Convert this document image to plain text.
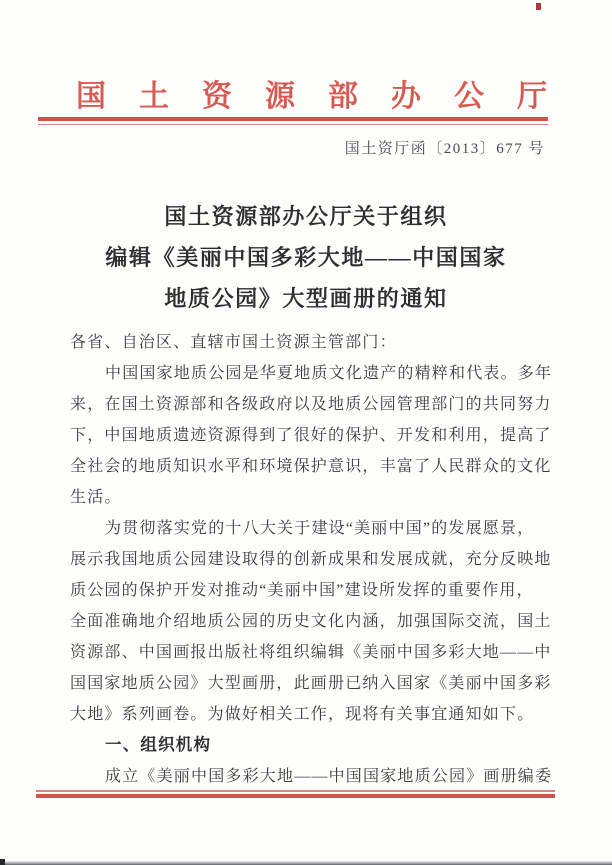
国土资源部办公厅
国土资厅函〔2013〕677 号
国土资源部办公厅关于组织
编辑《美丽中国多彩大地——中国国家
地质公园》大型画册的通知
各省、自治区、直辖市国土资源主管部门：
中国国家地质公园是华夏地质文化遗产的精粹和代表。多年
来，在国土资源部和各级政府以及地质公园管理部门的共同努力
下，中国地质遗迹资源得到了很好的保护、开发和利用，提高了
全社会的地质知识水平和环境保护意识，丰富了人民群众的文化
生活。
为贯彻落实党的十八大关于建设“美丽中国”的发展愿景，
展示我国地质公园建设取得的创新成果和发展成就，充分反映地
质公园的保护开发对推动“美丽中国”建设所发挥的重要作用，
全面准确地介绍地质公园的历史文化内涵，加强国际交流，国土
资源部、中国画报出版社将组织编辑《美丽中国多彩大地——中
国国家地质公园》大型画册，此画册已纳入国家《美丽中国多彩
大地》系列画卷。为做好相关工作，现将有关事宜通知如下。
一、组织机构
成立《美丽中国多彩大地——中国国家地质公园》画册编委
